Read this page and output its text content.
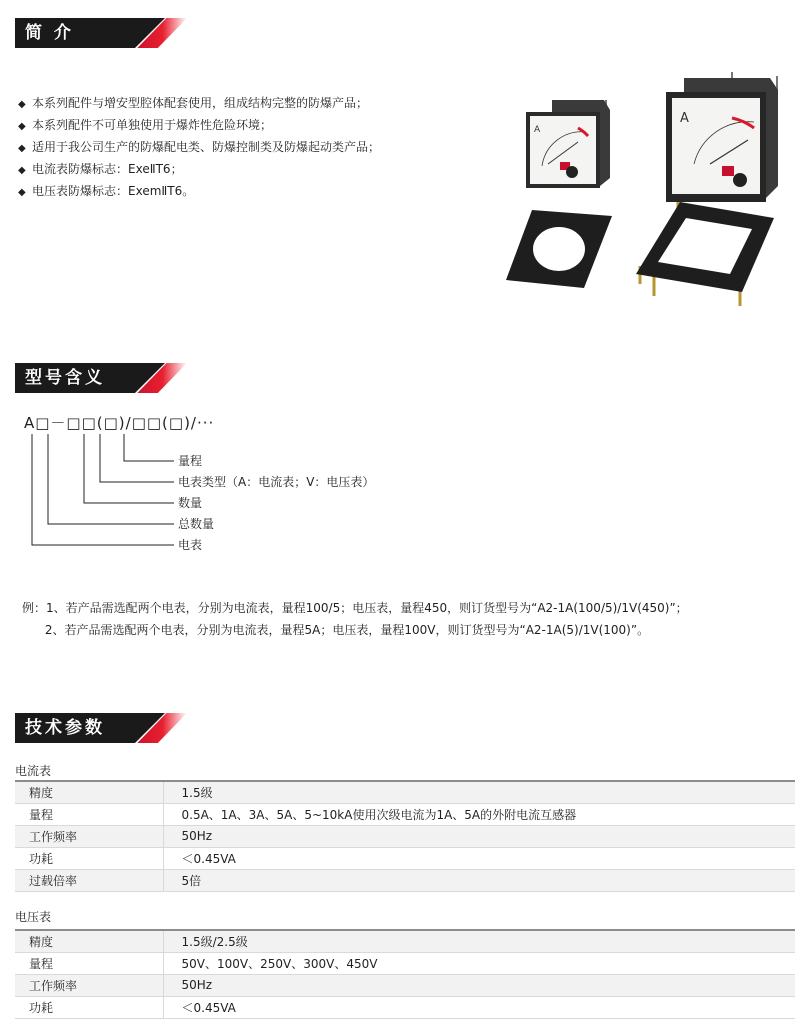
简 介
◆ 本系列配件与增安型腔体配套使用，组成结构完整的防爆产品；
◆ 本系列配件不可单独使用于爆炸性危险环境；
◆ 适用于我公司生产的防爆配电类、防爆控制类及防爆起动类产品；
◆ 电流表防爆标志：ExeⅡT6；
◆ 电压表防爆标志：ExemⅡT6。
A
A
型号含义
A□－□□(□)/□□(□)/···
量程
电表类型（A：电流表；V：电压表）
数量
总数量
电表
例：1、若产品需选配两个电表，分别为电流表，量程100/5；电压表，量程450，则订货型号为“A2-1A(100/5)/1V(450)”；
2、若产品需选配两个电表，分别为电流表，量程5A；电压表，量程100V，则订货型号为“A2-1A(5)/1V(100)”。
技术参数
电流表
精度	1.5级
量程	0.5A、1A、3A、5A、5~10kA使用次级电流为1A、5A的外附电流互感器
工作频率	50Hz
功耗	＜0.45VA
过载倍率	5倍
电压表
精度	1.5级/2.5级
量程	50V、100V、250V、300V、450V
工作频率	50Hz
功耗	＜0.45VA
